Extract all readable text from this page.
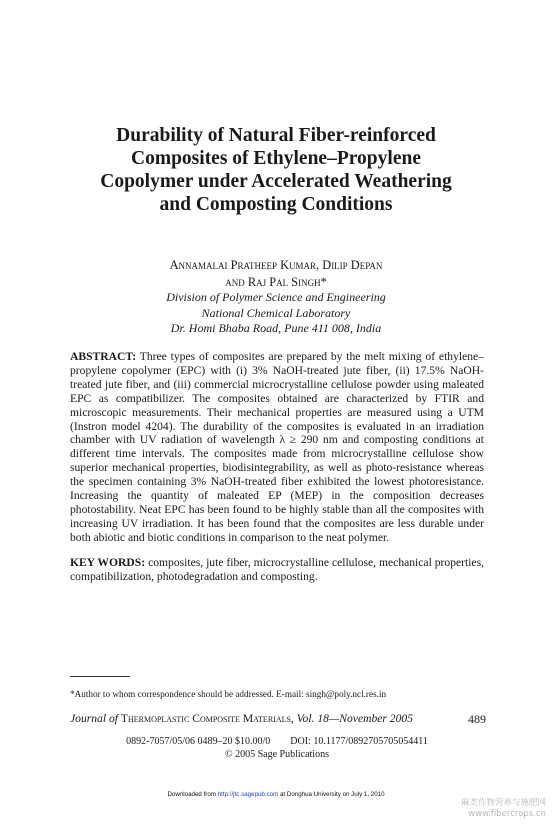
Durability of Natural Fiber-reinforced
Composites of Ethylene–Propylene
Copolymer under Accelerated Weathering
and Composting Conditions
Annamalai Pratheep Kumar, Dilip Depan
and Raj Pal Singh*
Division of Polymer Science and Engineering
National Chemical Laboratory
Dr. Homi Bhaba Road, Pune 411 008, India
ABSTRACT: Three types of composites are prepared by the melt mixing of ethylene–propylene copolymer (EPC) with (i) 3% NaOH-treated jute fiber, (ii) 17.5% NaOH-treated jute fiber, and (iii) commercial microcrystalline cellulose powder using maleated EPC as compatibilizer. The composites obtained are characterized by FTIR and microscopic measurements. Their mechanical properties are measured using a UTM (Instron model 4204). The durability of the composites is evaluated in an irradiation chamber with UV radiation of wavelength λ ≥ 290 nm and composting conditions at different time intervals. The composites made from microcrystalline cellulose show superior mechanical properties, biodisintegrability, as well as photo-resistance whereas the specimen containing 3% NaOH-treated fiber exhibited the lowest photoresistance. Increasing the quantity of maleated EP (MEP) in the composition decreases photostability. Neat EPC has been found to be highly stable than all the composites with increasing UV irradiation. It has been found that the composites are less durable under both abiotic and biotic conditions in comparison to the neat polymer.
KEY WORDS: composites, jute fiber, microcrystalline cellulose, mechanical properties, compatibilization, photodegradation and composting.
*Author to whom correspondence should be addressed. E-mail: singh@poly.ncl.res.in
Journal of Thermoplastic Composite Materials, Vol. 18—November 2005	489
0892-7057/05/06 0489–20 $10.00/0        DOI: 10.1177/0892705705054411
© 2005 Sage Publications
Downloaded from http://jtc.sagepub.com at Donghua University on July 1, 2010
麻类作物营养与施肥网
www.fibercrops.cn
